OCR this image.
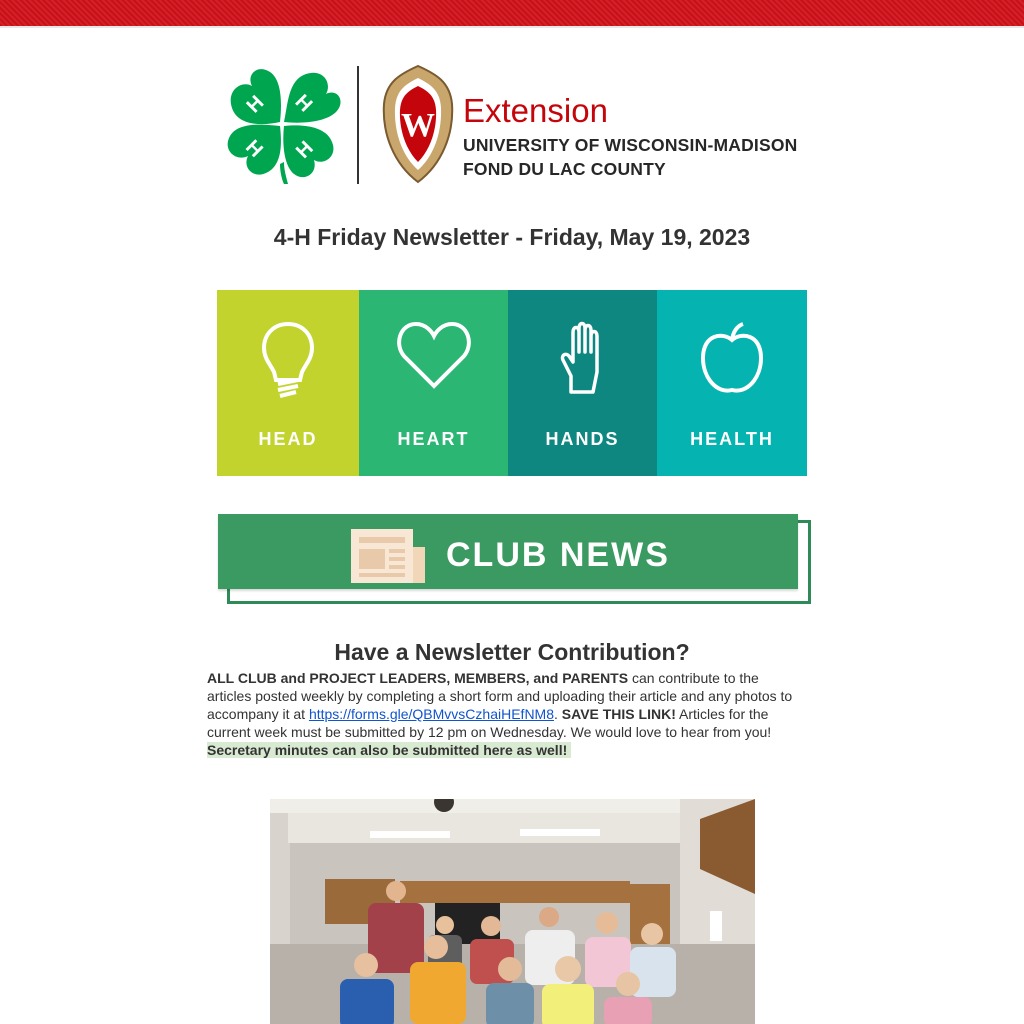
H H
H H
W Extension
UNIVERSITY OF WISCONSIN-MADISON
FOND DU LAC COUNTY
4-H Friday Newsletter - Friday, May 19, 2023
HEAD	HEART	HANDS	HEALTH
CLUB NEWS
Have a Newsletter Contribution?
ALL CLUB and PROJECT LEADERS, MEMBERS, and PARENTS can contribute to the articles posted weekly by completing a short form and uploading their article and any photos to accompany it at https://forms.gle/QBMvvsCzhaiHEfNM8. SAVE THIS LINK! Articles for the current week must be submitted by 12 pm on Wednesday. We would love to hear from you!
Secretary minutes can also be submitted here as well!
